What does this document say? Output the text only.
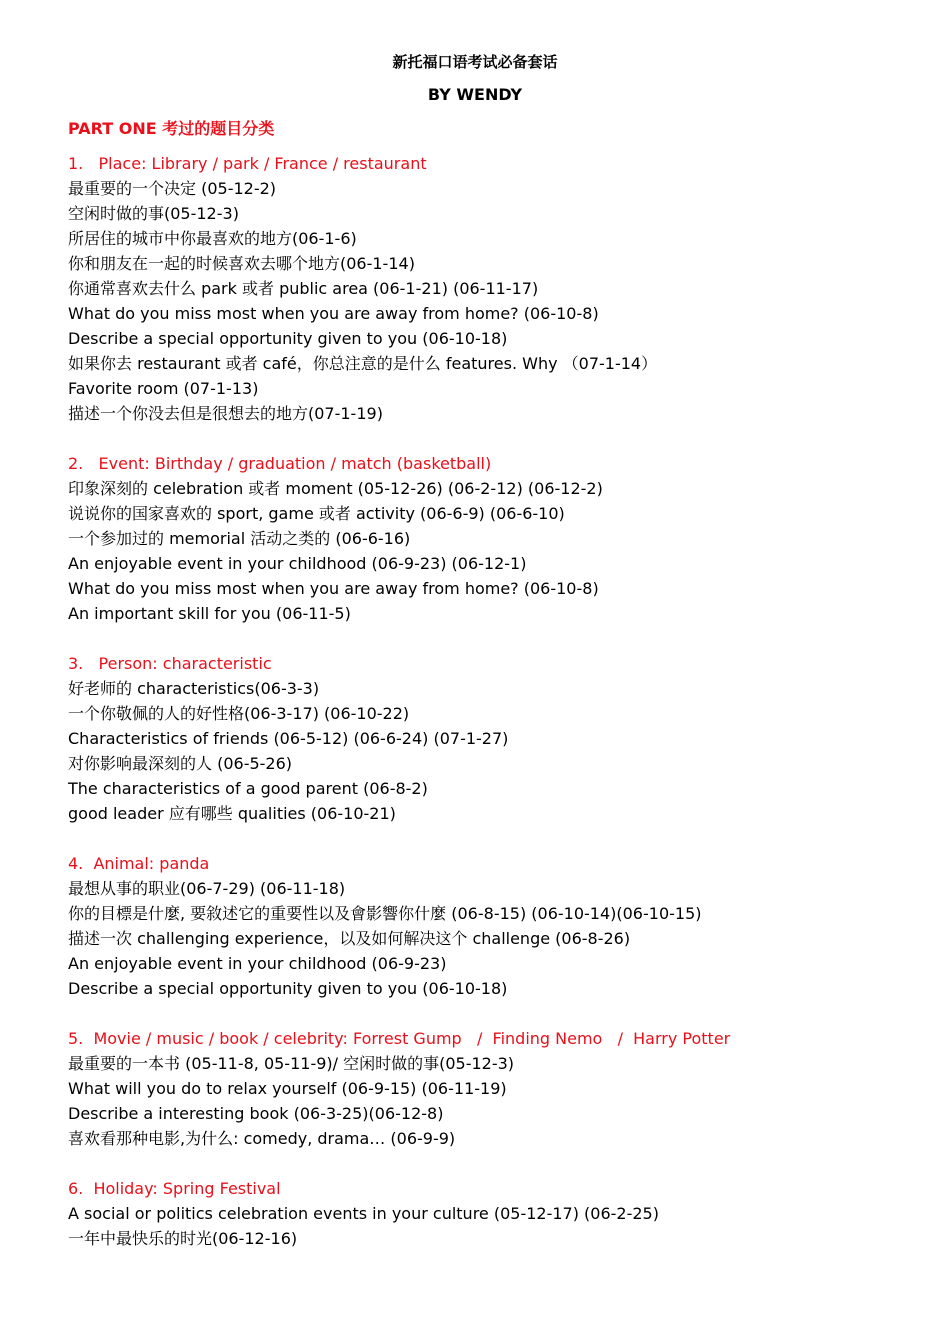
新托福口语考试必备套话
BY WENDY
PART ONE 考过的题目分类
1.   Place: Library / park / France / restaurant
最重要的一个决定 (05-12-2)
空闲时做的事(05-12-3)
所居住的城市中你最喜欢的地方(06-1-6)
你和朋友在一起的时候喜欢去哪个地方(06-1-14)
你通常喜欢去什么 park 或者 public area (06-1-21) (06-11-17)
What do you miss most when you are away from home? (06-10-8)
Describe a special opportunity given to you (06-10-18)
如果你去 restaurant 或者 café，你总注意的是什么 features. Why （07-1-14）
Favorite room (07-1-13)
描述一个你没去但是很想去的地方(07-1-19)
2.   Event: Birthday / graduation / match (basketball)
印象深刻的 celebration 或者 moment (05-12-26) (06-2-12) (06-12-2)
说说你的国家喜欢的 sport, game 或者 activity (06-6-9) (06-6-10)
一个参加过的 memorial 活动之类的 (06-6-16)
An enjoyable event in your childhood (06-9-23) (06-12-1)
What do you miss most when you are away from home? (06-10-8)
An important skill for you (06-11-5)
3.   Person: characteristic
好老师的 characteristics(06-3-3)
一个你敬佩的人的好性格(06-3-17) (06-10-22)
Characteristics of friends (06-5-12) (06-6-24) (07-1-27)
对你影响最深刻的人 (06-5-26)
The characteristics of a good parent (06-8-2)
good leader 应有哪些 qualities (06-10-21)
4.  Animal: panda
最想从事的职业(06-7-29) (06-11-18)
你的目標是什麼, 要敘述它的重要性以及會影響你什麼 (06-8-15) (06-10-14)(06-10-15)
描述一次 challenging experience，以及如何解决这个 challenge (06-8-26)
An enjoyable event in your childhood (06-9-23)
Describe a special opportunity given to you (06-10-18)
5.  Movie / music / book / celebrity: Forrest Gump   /  Finding Nemo   /  Harry Potter
最重要的一本书 (05-11-8, 05-11-9)/ 空闲时做的事(05-12-3)
What will you do to relax yourself (06-9-15) (06-11-19)
Describe a interesting book (06-3-25)(06-12-8)
喜欢看那种电影,为什么: comedy, drama… (06-9-9)
6.  Holiday: Spring Festival
A social or politics celebration events in your culture (05-12-17) (06-2-25)
一年中最快乐的时光(06-12-16)
